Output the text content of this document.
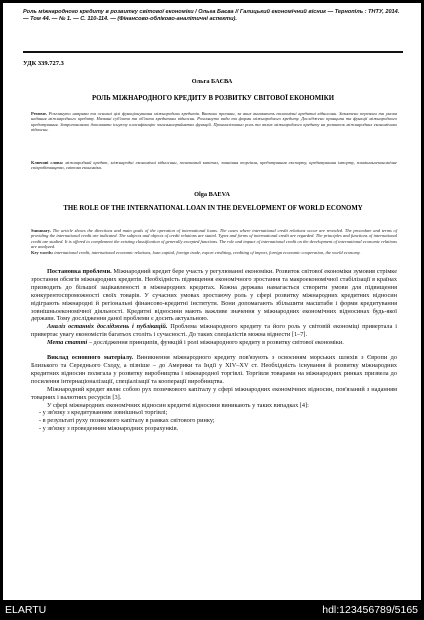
Роль міжнародного кредиту в розвитку світової економіки / Ольга Баєва // Галицький економічний вісник — Тернопіль : ТНТУ, 2014. — Том 44. — № 1. — С. 110-114. — (Фінансово-обліково-аналітичні аспекти).
УДК 339.727.3
Ольга БАЄВА
РОЛЬ МІЖНАРОДНОГО КРЕДИТУ В РОЗВИТКУ СВІТОВОЇ ЕКОНОМІКИ
Резюме. Розглянуто напрями та основні цілі функціонування міжнародних кредитів. Вказано причини, за яких виникають економічні кредитні відносини. Зазначено переваги та умови надання міжнародного кредиту. Названі суб'єкти та об'єкти кредитних відносин. Розглянуто види та форми міжнародного кредиту. Досліджено принципи та функції міжнародного кредитування. Запропоновано доповнити існуючу класифікацію загальноприйнятих функцій. Проаналізовано роль та вплив міжнародного кредиту на розвиток міжнародних економічних відносин.
Ключові слова: міжнародний кредит, міжнародні економічні відносини, позичковий капітал, зовнішня торгівля, кредитування експорту, кредитування імпорту, зовнішньоекономічне співробітництво, світова економіка.
Olga BAEVA
THE ROLE OF THE INTERNATIONAL LOAN IN THE DEVELOPMENT OF WORLD ECONOMY
Summary. The article shows the directions and main goals of the operation of international loans. The cases where international credit relations occur are revealed. The procedure and terms of providing the international credit are indicated. The subjects and objects of credit relations are stated. Types and forms of international credit are regarded. The principles and functions of international credit are studied. It is offered to complement the existing classification of generally excepted functions. The role and impact of international credit on the development of international economic relations are analyzed.
Key words: international credit, international economic relations, loan capital, foreign trade, export crediting, crediting of import, foreign economic cooperation, the world economy.

Постановка проблеми. Міжнародний кредит бере участь у регулюванні економіки. Розвиток світової економіки зумовив стрімке зростання обсягів міжнародних кредитів. Необхідність підвищення економічного зростання та макроекономічної стабілізації в країнах призводить до більшої зацікавленості в міжнародних кредитах. Кожна держава намагається створити умови для підвищення конкурентоспроможності своїх товарів. У сучасних умовах зростаючу роль у сфері розвитку міжнародних кредитних відносин відіграють міжнародні й регіональні фінансово-кредитні інститути. Вони допомагають збільшити масштаби і форми кредитування зовнішньоекономічної діяльності. Кредитні відносини мають важливе значення у міжнародних економічних відносинах будь-якої держави. Тому дослідження даної проблеми є досить актуальною.

Аналіз останніх досліджень і публікацій. Проблема міжнародного кредиту та його роль у світовій економіці привертала і привертає увагу економістів багатьох століть і сучасності. До таких спеціалістів можна віднести [1–7].

Мета статті – дослідження принципів, функцій і ролі міжнародного кредиту в розвитку світової економіки.

Виклад основного матеріалу. Виникнення міжнародного кредиту пов'язують з освоєнням морських шляхів з Європи до Близького та Середнього Сходу, а пізніше – до Америки та Індії у XIV–XV ст. Необхідність існування й розвитку міжнародних кредитних відносин полягала у розвитку виробництва і міжнародної торгівлі. Торгівля товарами на міжнародних ринках призвела до посилення інтернаціоналізації, спеціалізації та кооперації виробництва.

Міжнародний кредит являє собою рух позичкового капіталу у сфері міжнародних економічних відносин, пов'язаний з наданням товарних і валютних ресурсів [3].

У сфері міжнародних економічних відносин кредитні відносини виникають у таких випадках [4]:

- у зв'язку з кредитуванням зовнішньої торгівлі;

- в результаті руху позикового капіталу в рамках світового ринку;

- у зв'язку з проведенням міжнародних розрахунків.

ELARTU	hdl:123456789/5165
